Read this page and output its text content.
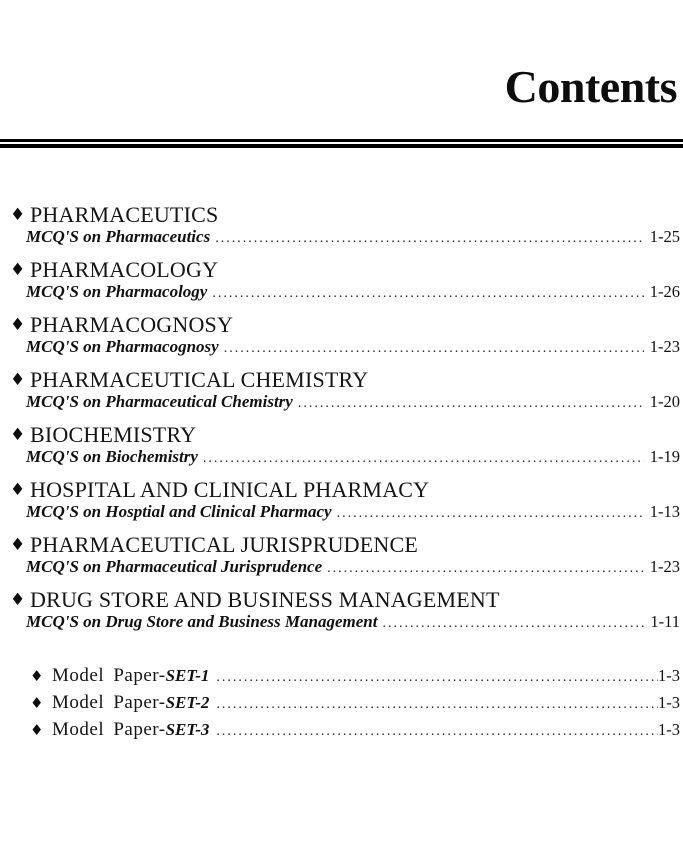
Contents
♦ PHARMACEUTICS
MCQ'S on Pharmaceutics .....	1-25
♦ PHARMACOLOGY
MCQ'S on Pharmacology .....	1-26
♦ PHARMACOGNOSY
MCQ'S on Pharmacognosy .....	1-23
♦ PHARMACEUTICAL CHEMISTRY
MCQ'S on Pharmaceutical Chemistry .....	1-20
♦ BIOCHEMISTRY
MCQ'S on Biochemistry .....	1-19
♦ HOSPITAL AND CLINICAL PHARMACY
MCQ'S on Hosptial and Clinical Pharmacy .....	1-13
♦ PHARMACEUTICAL JURISPRUDENCE
MCQ'S on Pharmaceutical Jurisprudence .....	1-23
♦ DRUG STORE AND BUSINESS MANAGEMENT
MCQ'S on Drug Store and Business Management .....	1-11
♦ Model Paper- SET-1 .....	1-3
♦ Model Paper- SET-2 .....	1-3
♦ Model Paper- SET-3 .....	1-3
